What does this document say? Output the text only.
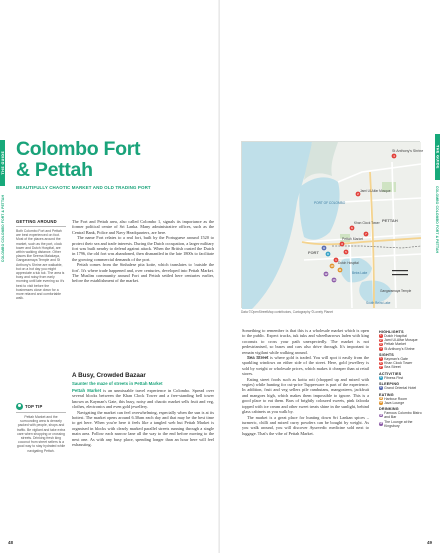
THE GUIDE
COLOMBO COLOMBO FORT & PETTAH
Colombo Fort
& Pettah
BEAUTIFULLY CHAOTIC MARKET AND OLD TRADING PORT
GETTING AROUND

Both Colombo Fort and Pettah are best experienced on foot. Most of the places around the market, such as the port, clock tower and Dutch Hospital, are within walking distance. Other places like Seema Malakaya, Gangaramaya Temple and St Anthony's Shrine are walkable, but on a hot day you might appreciate a tuk tuk. The area is busy and noisy from early morning until late evening so it's best to visit before the businesses close down for a more relaxed and comfortable walk.

TOP TIP

Pettah Market and the surrounding area is densely packed with people, shops and traffic. Be vigilant and take extra care when shopping or crossing streets. Drinking fresh king coconut from street sellers is a good way to stay hydrated while navigating Pettah.

The Fort and Pettah area, also called Colombo 1, signals its importance as the former political centre of Sri Lanka. Many administrative offices, such as the Central Bank, Police and Navy Headquarters, are here.

The name Fort relates to a real fort, built by the Portuguese around 1520 to protect their sea and trade interests. During the Dutch occupation, a larger military fort was built nearby to defend against attack. When the British ousted the Dutch in 1796, the old fort was abandoned, then dismantled in the late 1800s to facilitate the growing commercial demands of the port.

Pettah comes from the Sinhalese pita kotte, which translates to 'outside the fort'. It's where trade happened and, over centuries, developed into Pettah Market. The Muslim community around Fort and Pettah settled here centuries earlier, before the establishment of the market.

A Busy, Crowded Bazaar
Saunter the maze of streets in Pettah Market

Pettah Market is an unmissable travel experience in Colombo. Spread over several blocks between the Khan Clock Tower and a free-standing bell tower known as Kayman's Gate, this busy, noisy and chaotic market sells fruit and veg, clothes, electronics and even gold jewellery.

Navigating the market can feel overwhelming, especially when the sun is at its hottest. The market opens around 6.30am each day and that may be the best time to get here. When you're here it feels like a tangled web but Pettah Market is organised in blocks with clearly marked parallel streets running through a single main area. Follow each narrow lane all the way to the end before moving to the next one. As with any busy place, spending longer than an hour here will feel exhausting.

48
THE GUIDE
COLOMBO COLOMBO FORT & PETTAH
49
St Anthony's Shrine
PORT OF COLOMBO
Pettah Market
FORT
PETTAH
Dutch Hospital
Khan Clock Tower
Jami Ul-Alfar Mosque
Beira Lake
South Beira Lake
Gangaramaya Temple
4
3
2
1
6
5
7
8
9
10
11
12
13
Data ©OpenStreetMap contributors, Cartography ©Lonely Planet

Something to remember is that this is a wholesale market which is open to the public. Expect trucks, tuk tuks and wheelbarrows laden with king coconuts to cross your path unexpectedly. The market is not pedestrianised, so buses and cars also drive through. It's important to remain vigilant while walking around.

Sea Street is where gold is traded. You will spot it easily from the sparkling windows on either side of the street. Here, gold jewellery is sold by weight or wholesale prices, which makes it cheaper than at retail stores.

Eating street foods such as kottu roti (chopped up and mixed with vegies) while hunting for cut-price Tupperware is part of the experience. In addition, fruit and veg sellers pile rambutans, mangosteen, jackfruit and mangoes high, which makes them impossible to ignore. This is a good place to eat them. Bars of brightly coloured sweets, pink falooda topped with ice cream and other sweet treats shine in the sunlight, behind glass cabinets as you walk by.

The market is a great place for hunting down Sri Lankan spices – turmeric, chilli and mixed curry powders can be bought by weight. As you walk around, you will discover Ayurvedic medicine sold next to luggage. That's the vibe of Pettah Market.

HIGHLIGHTS
1 Dutch Hospital
2 Jami Ul-Alfar Mosque
3 Pettah Market
4 St Anthony's Shrine
SIGHTS
5 Kayman's Gate
6 Khan Clock Tower
7 Sea Street
ACTIVITIES
8 Fitness First
SLEEPING
9 Grand Oriental Hotel
EATING
10 Harbour Room
11 Java Lounge
DRINKING
12 Famous Colombo Bistro and Bar
13 The Lounge at the Kingsbury
